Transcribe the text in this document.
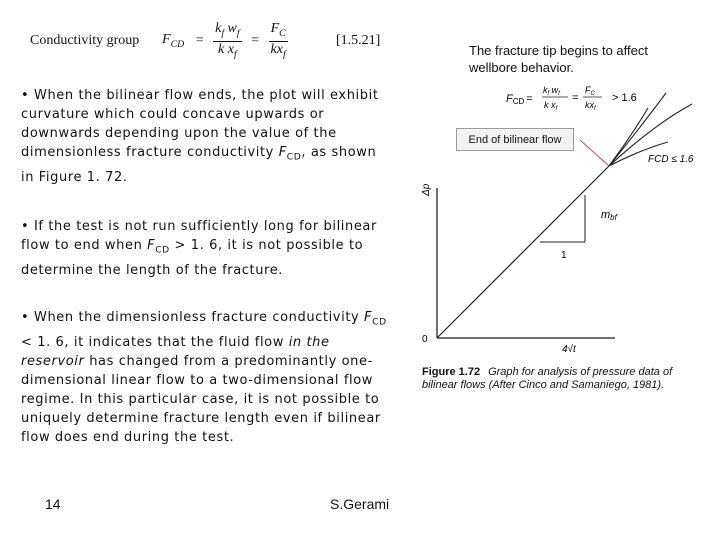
Conductivity group $F_{CD} = \frac{k_f w_f}{k x_f} = \frac{F_C}{kx_f}$	[1.5.21]
• When the bilinear flow ends, the plot will exhibit curvature which could concave upwards or downwards depending upon the value of the dimensionless fracture conductivity $F_{CD}$, as shown in Figure 1. 72.
• If the test is not run sufficiently long for bilinear flow to end when $F_{CD} > 1$. 6, it is not possible to determine the length of the fracture.
• When the dimensionless fracture conductivity $F_{CD} < 1$. 6, it indicates that the fluid flow in the reservoir has changed from a predominantly one-dimensional linear flow to a two-dimensional flow regime. In this particular case, it is not possible to uniquely determine fracture length even if bilinear flow does end during the test.
14	S.Gerami
Δp
0
4√t
1
mbf
FCD =	> 1.6
FCD ≤ 1.6
$k_f$ $w_f$
k $x_f$
=
$F_C$
$kx_f$
The fracture tip begins to affect wellbore behavior.
End of bilinear flow
Figure 1.72 Graph for analysis of pressure data of bilinear flows (After Cinco and Samaniego, 1981).
